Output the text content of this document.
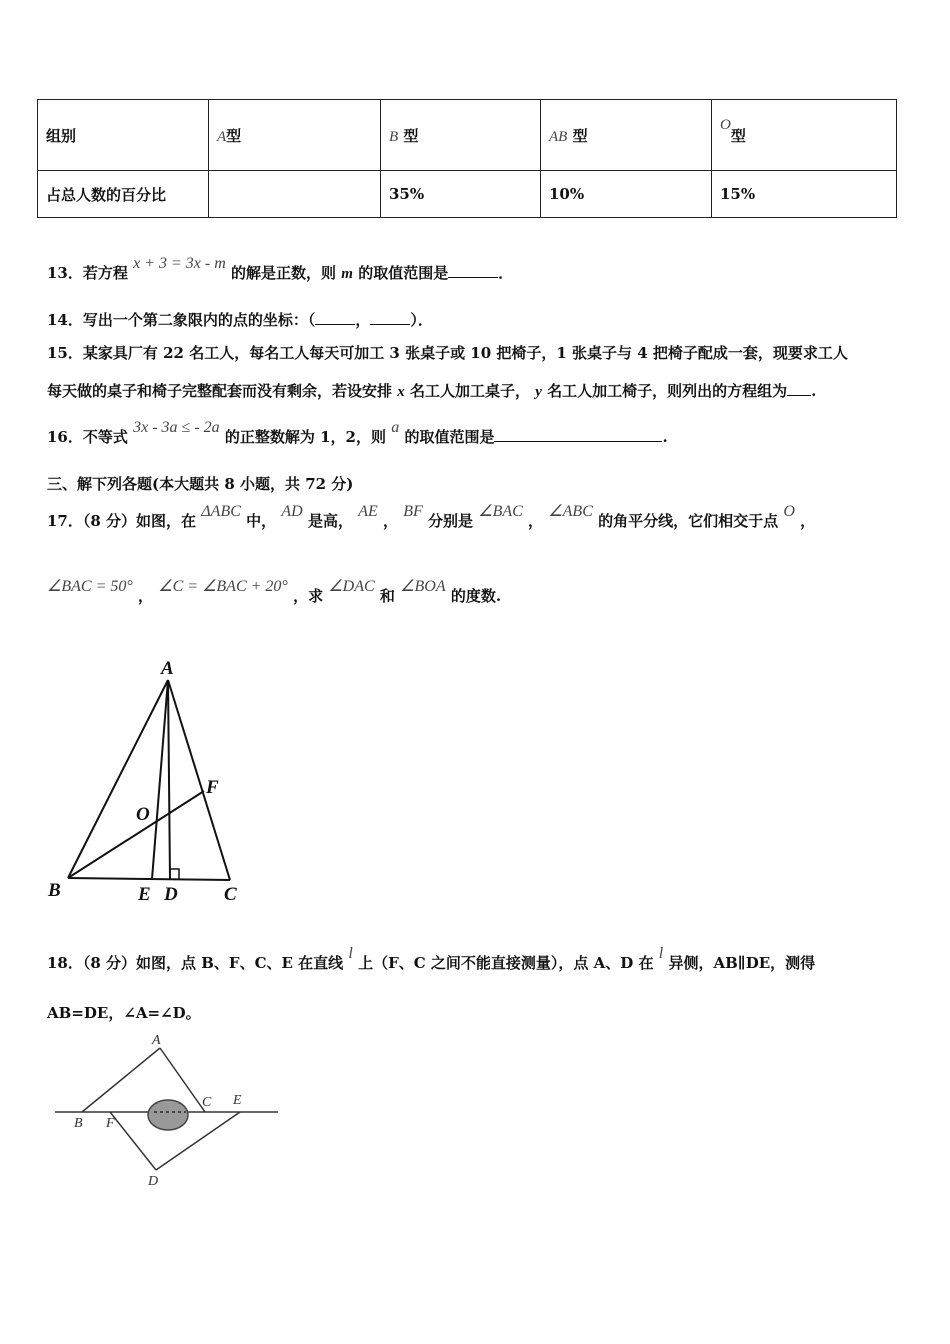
组别	A型	B 型	AB 型	O型
占总人数的百分比		35%	10%	15%
13．若方程 x + 3 = 3x - m 的解是正数，则 m 的取值范围是	．
14．写出一个第二象限内的点的坐标：（	，	）．
15．某家具厂有 22 名工人，每名工人每天可加工 3 张桌子或 10 把椅子，1 张桌子与 4 把椅子配成一套，现要求工人
每天做的桌子和椅子完整配套而没有剩余，若设安排 x 名工人加工桌子， y 名工人加工椅子，则列出的方程组为 .
16．不等式 3x - 3a ≤ - 2a 的正整数解为 1，2，则 a 的取值范围是	.
三、解下列各题(本大题共 8 小题，共 72 分)
17．（8 分）如图，在 ΔABC 中， AD 是高， AE ， BF 分别是 ∠BAC ， ∠ABC 的角平分线，它们相交于点 O ，
∠BAC = 50° ， ∠C = ∠BAC + 20° ，求 ∠DAC 和 ∠BOA 的度数.
A
F
O
B	E D C
18．（8 分）如图，点 B、F、C、E 在直线 l 上（F、C 之间不能直接测量），点 A、D 在 l 异侧，AB∥DE，测得
AB=DE，∠A=∠D。
A
B F
C E
D
